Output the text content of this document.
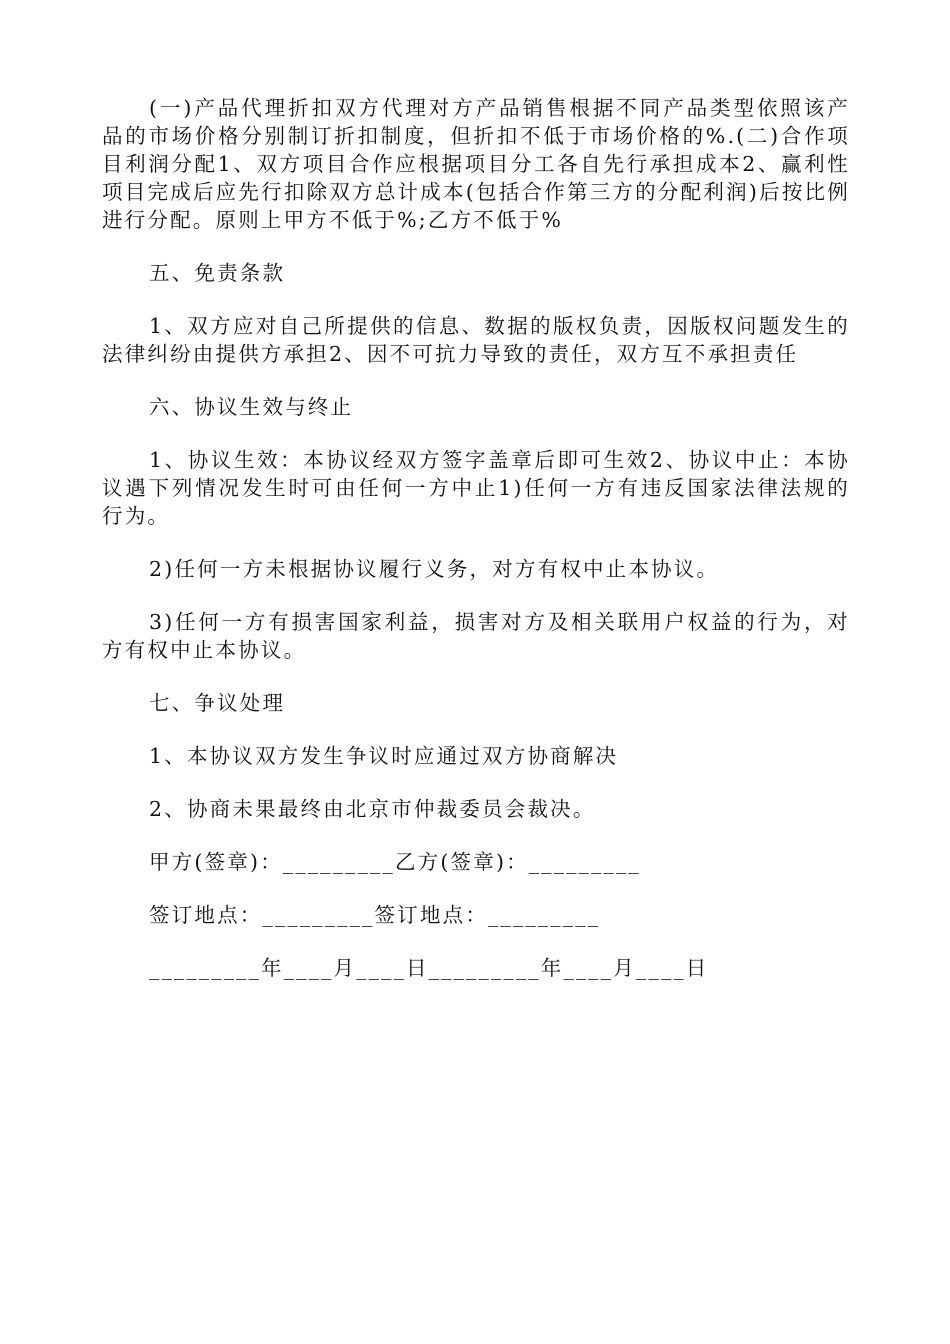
(一)产品代理折扣双方代理对方产品销售根据不同产品类型依照该产品的市场价格分别制订折扣制度，但折扣不低于市场价格的%.(二)合作项目利润分配1、双方项目合作应根据项目分工各自先行承担成本2、赢利性项目完成后应先行扣除双方总计成本(包括合作第三方的分配利润)后按比例进行分配。原则上甲方不低于%;乙方不低于%

五、免责条款

1、双方应对自己所提供的信息、数据的版权负责，因版权问题发生的法律纠纷由提供方承担2、因不可抗力导致的责任，双方互不承担责任

六、协议生效与终止

1、协议生效：本协议经双方签字盖章后即可生效2、协议中止：本协议遇下列情况发生时可由任何一方中止1)任何一方有违反国家法律法规的行为。

2)任何一方未根据协议履行义务，对方有权中止本协议。

3)任何一方有损害国家利益，损害对方及相关联用户权益的行为，对方有权中止本协议。

七、争议处理

1、本协议双方发生争议时应通过双方协商解决

2、协商未果最终由北京市仲裁委员会裁决。

甲方(签章)：_________乙方(签章)：_________

签订地点：_________签订地点：_________

_________年____月____日_________年____月____日
